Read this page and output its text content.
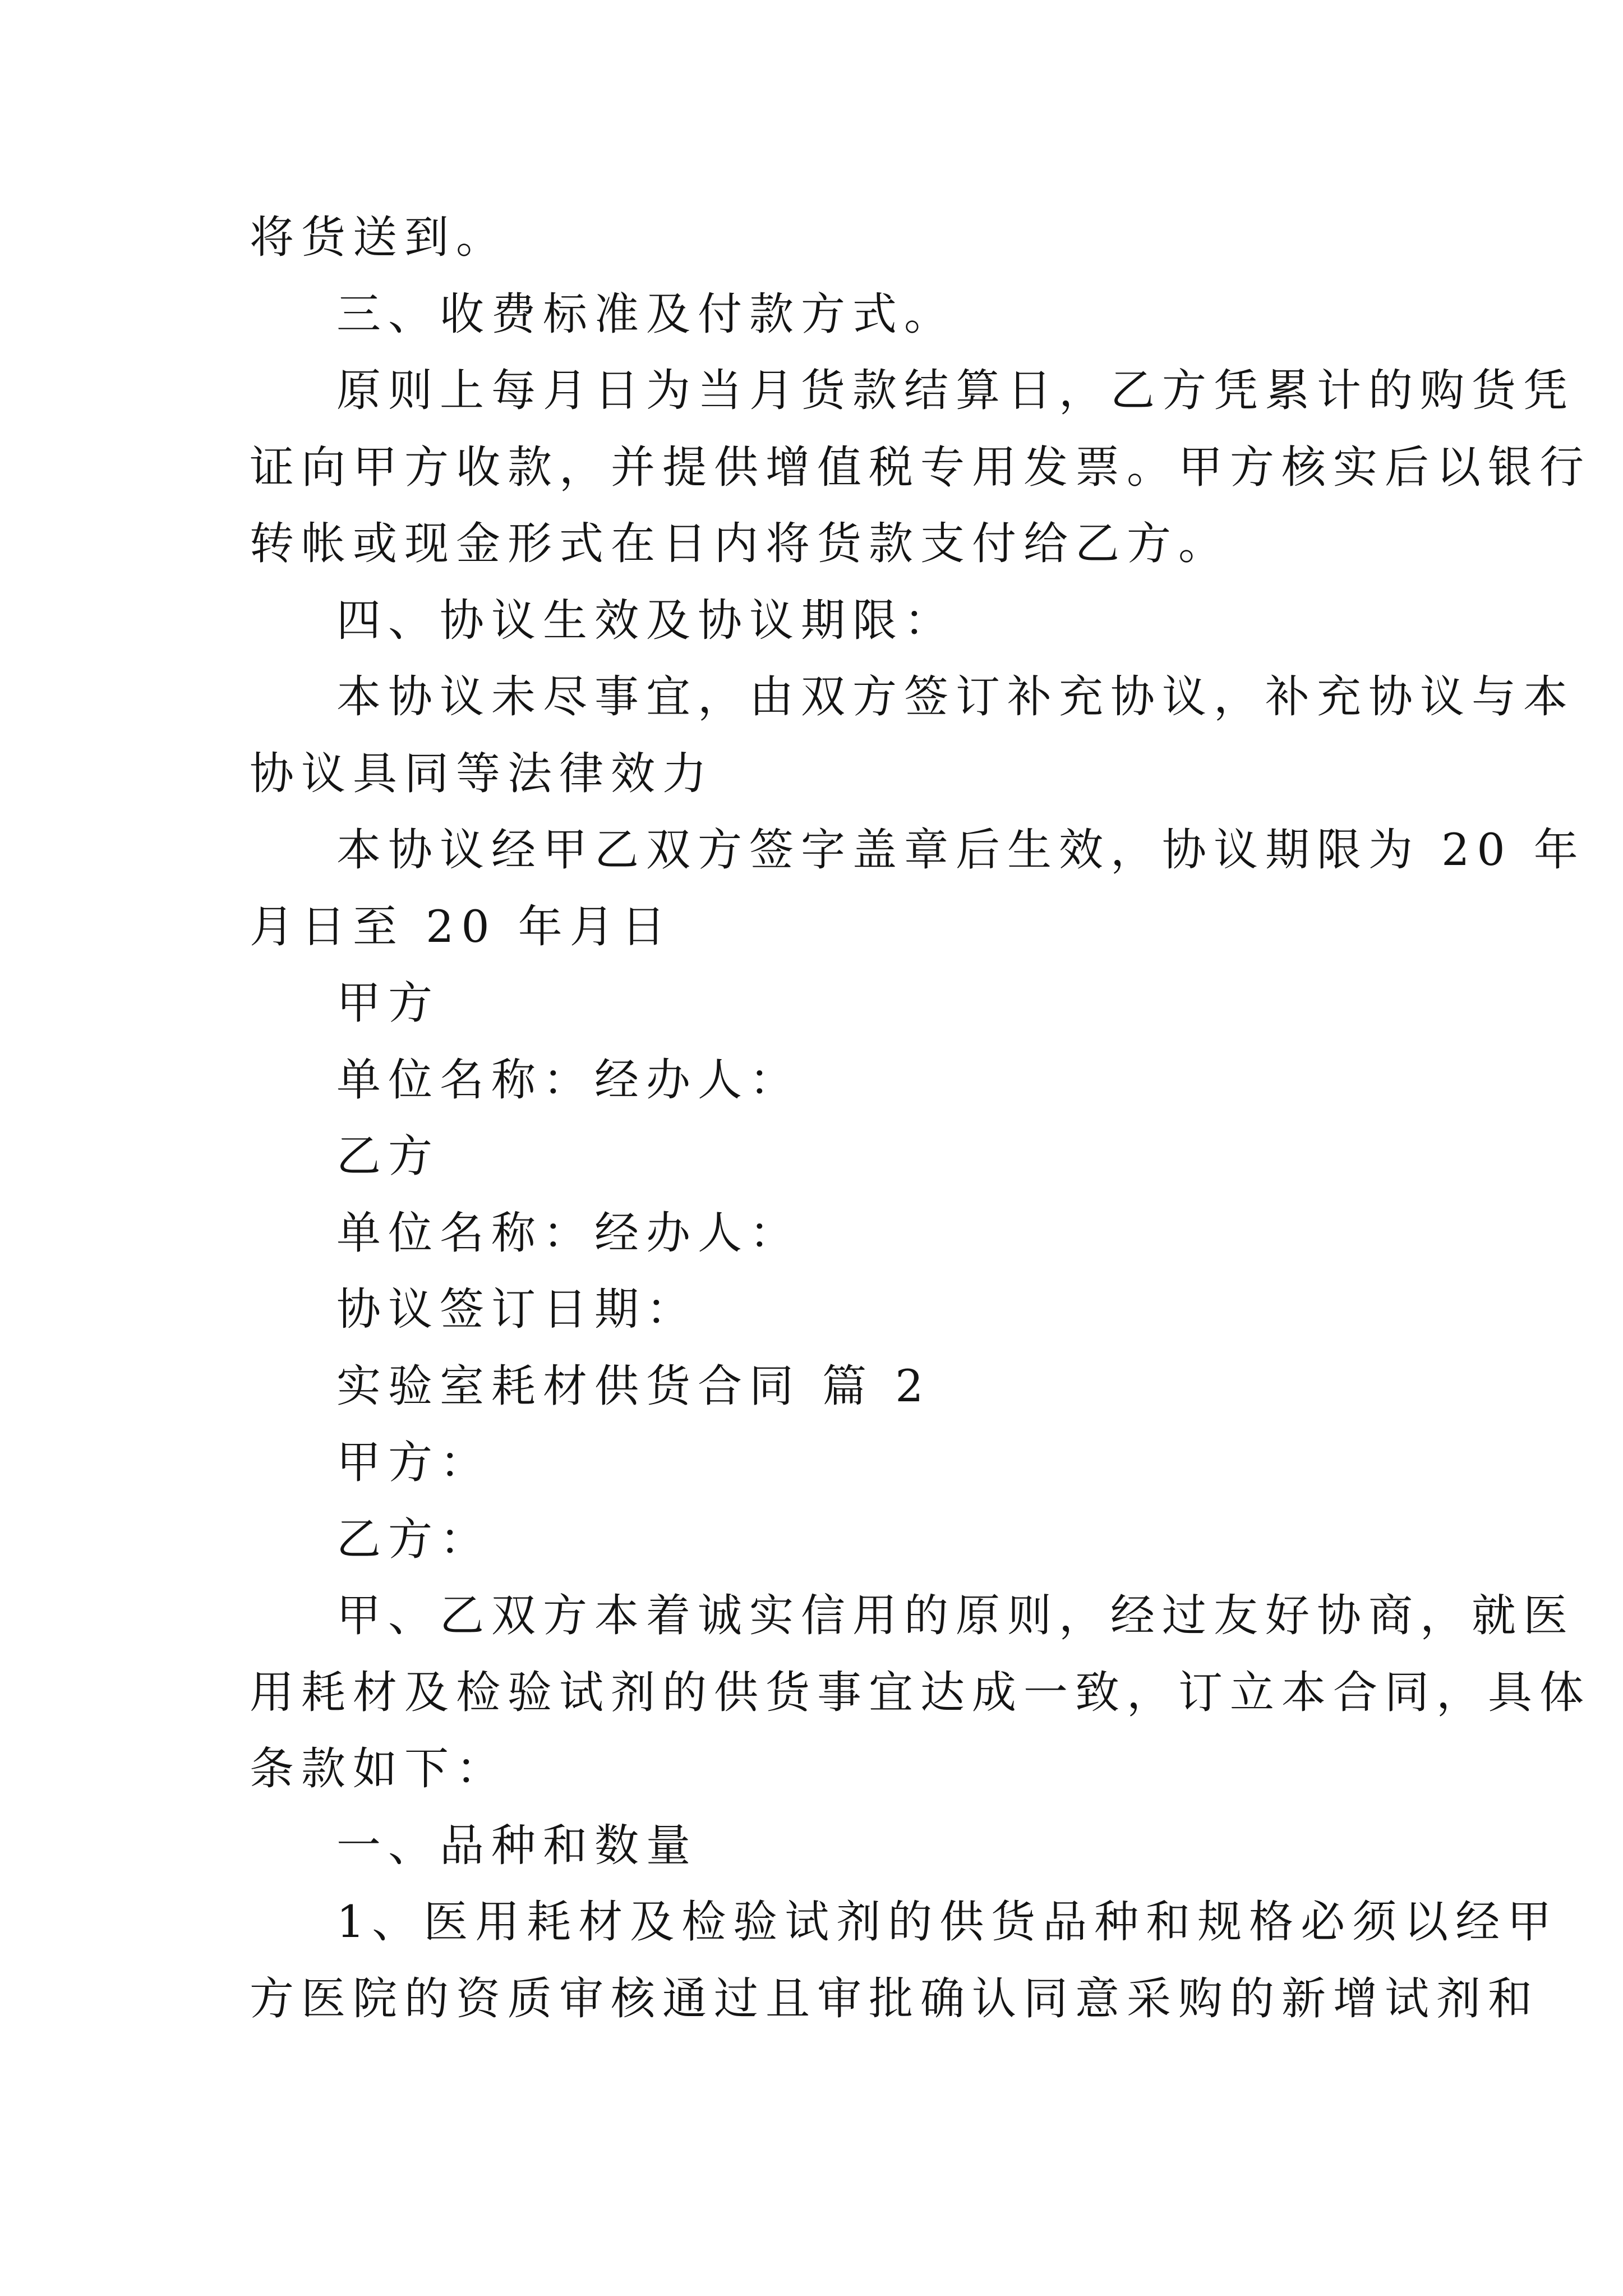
将货送到。
三、收费标准及付款方式。
原则上每月日为当月货款结算日，乙方凭累计的购货凭
证向甲方收款，并提供增值税专用发票。甲方核实后以银行
转帐或现金形式在日内将货款支付给乙方。
四、协议生效及协议期限：
本协议未尽事宜，由双方签订补充协议，补充协议与本
协议具同等法律效力
本协议经甲乙双方签字盖章后生效，协议期限为 20 年
月日至 20 年月日
甲方
单位名称：经办人：
乙方
单位名称：经办人：
协议签订日期：
实验室耗材供货合同 篇 2
甲方：
乙方：
甲、乙双方本着诚实信用的原则，经过友好协商，就医
用耗材及检验试剂的供货事宜达成一致，订立本合同，具体
条款如下：
一、品种和数量
1、医用耗材及检验试剂的供货品种和规格必须以经甲
方医院的资质审核通过且审批确认同意采购的新增试剂和
